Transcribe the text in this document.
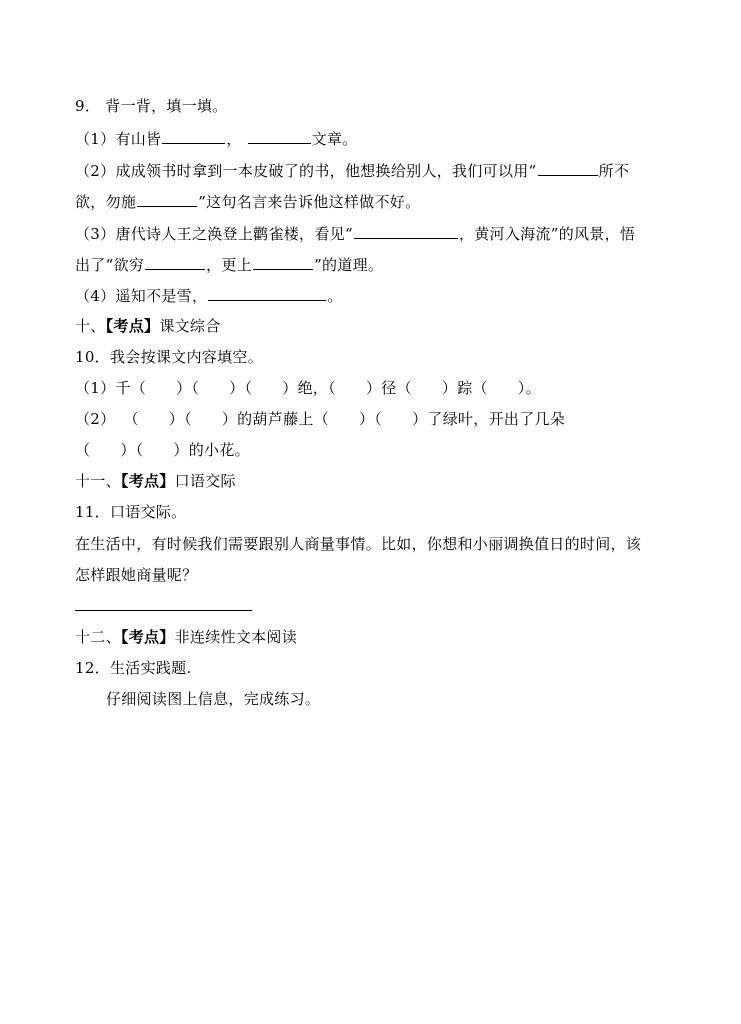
9． 背一背，填一填。
（1）有山皆	，	文章。
（2）成成领书时拿到一本皮破了的书，他想换给别人，我们可以用“	所不
欲，勿施	”这句名言来告诉他这样做不好。
（3）唐代诗人王之涣登上鹳雀楼，看见“	，黄河入海流”的风景，悟
出了“欲穷	，更上	”的道理。
（4）遥知不是雪，	。
十、【考点】课文综合
10．我会按课文内容填空。
（1）千（ ）（ ）（ ）绝，（ ）径（ ）踪（ ）。
（2） （ ）（ ）的葫芦藤上（ ）（ ）了绿叶，开出了几朵
（ ）（ ）的小花。
十一、【考点】口语交际
11．口语交际。
在生活中，有时候我们需要跟别人商量事情。比如，你想和小丽调换值日的时间，该
怎样跟她商量呢？
十二、【考点】非连续性文本阅读
12．生活实践题.
仔细阅读图上信息，完成练习。
